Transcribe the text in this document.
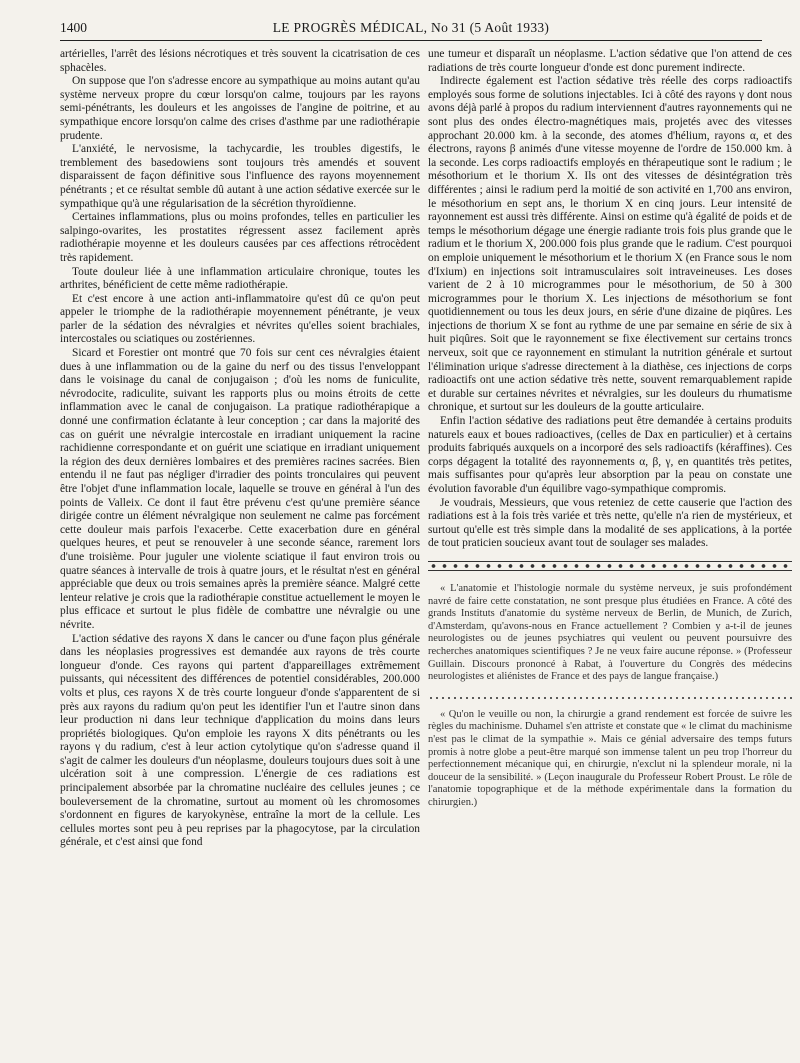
1400	LE PROGRÈS MÉDICAL, No 31 (5 Août 1933)

artérielles, l'arrêt des lésions nécrotiques et très souvent la cicatrisation de ces sphacèles.

On suppose que l'on s'adresse encore au sympathique au moins autant qu'au système nerveux propre du cœur lorsqu'on calme, toujours par les rayons semi-pénétrants, les douleurs et les angoisses de l'angine de poitrine, et au sympathique encore lorsqu'on calme des crises d'asthme par une radiothérapie prudente.

L'anxiété, le nervosisme, la tachycardie, les troubles digestifs, le tremblement des basedowiens sont toujours très amendés et souvent disparaissent de façon définitive sous l'influence des rayons moyennement pénétrants ; et ce résultat semble dû autant à une action sédative exercée sur le sympathique qu'à une régularisation de la sécrétion thyroïdienne.

Certaines inflammations, plus ou moins profondes, telles en particulier les salpingo-ovarites, les prostatites régressent assez facilement après radiothérapie moyenne et les douleurs causées par ces affections rétrocèdent très rapidement.

Toute douleur liée à une inflammation articulaire chronique, toutes les arthrites, bénéficient de cette même radiothérapie.

Et c'est encore à une action anti-inflammatoire qu'est dû ce qu'on peut appeler le triomphe de la radiothérapie moyennement pénétrante, je veux parler de la sédation des névralgies et névrites qu'elles soient brachiales, intercostales ou sciatiques ou zostériennes.

Sicard et Forestier ont montré que 70 fois sur cent ces névralgies étaient dues à une inflammation ou de la gaine du nerf ou des tissus l'enveloppant dans le voisinage du canal de conjugaison ; d'où les noms de funiculite, névrodocite, radiculite, suivant les rapports plus ou moins étroits de cette inflammation avec le canal de conjugaison. La pratique radiothérapique a donné une confirmation éclatante à leur conception ; car dans la majorité des cas on guérit une névralgie intercostale en irradiant uniquement la racine rachidienne correspondante et on guérit une sciatique en irradiant uniquement la région des deux dernières lombaires et des premières racines sacrées. Bien entendu il ne faut pas négliger d'irradier des points tronculaires qui peuvent être l'objet d'une inflammation locale, laquelle se trouve en général à l'un des points de Valleix. Ce dont il faut être prévenu c'est qu'une première séance dirigée contre un élément névralgique non seulement ne calme pas forcément cette douleur mais parfois l'exacerbe. Cette exacerbation dure en général quelques heures, et peut se renouveler à une seconde séance, rarement lors d'une troisième. Pour juguler une violente sciatique il faut environ trois ou quatre séances à intervalle de trois à quatre jours, et le résultat n'est en général appréciable que deux ou trois semaines après la première séance. Malgré cette lenteur relative je crois que la radiothérapie constitue actuellement le moyen le plus efficace et surtout le plus fidèle de combattre une névralgie ou une névrite.

L'action sédative des rayons X dans le cancer ou d'une façon plus générale dans les néoplasies progressives est demandée aux rayons de très courte longueur d'onde. Ces rayons qui partent d'appareillages extrêmement puissants, qui nécessitent des différences de potentiel considérables, 200.000 volts et plus, ces rayons X de très courte longueur d'onde s'apparentent de si près aux rayons du radium qu'on peut les identifier l'un et l'autre sinon dans leur production ni dans leur technique d'application du moins dans leurs propriétés biologiques. Qu'on emploie les rayons X dits pénétrants ou les rayons γ du radium, c'est à leur action cytolytique qu'on s'adresse quand il s'agit de calmer les douleurs d'un néoplasme, douleurs toujours dues soit à une ulcération soit à une compression. L'énergie de ces radiations est principalement absorbée par la chromatine nucléaire des cellules jeunes ; ce bouleversement de la chromatine, surtout au moment où les chromosomes s'ordonnent en figures de karyokynèse, entraîne la mort de la cellule. Les cellules mortes sont peu à peu reprises par la phagocytose, par la circulation générale, et c'est ainsi que fond

une tumeur et disparaît un néoplasme. L'action sédative que l'on attend de ces radiations de très courte longueur d'onde est donc purement indirecte.

Indirecte également est l'action sédative très réelle des corps radioactifs employés sous forme de solutions injectables. Ici à côté des rayons γ dont nous avons déjà parlé à propos du radium interviennent d'autres rayonnements qui ne sont plus des ondes électro-magnétiques mais, projetés avec des vitesses approchant 20.000 km. à la seconde, des atomes d'hélium, rayons α, et des électrons, rayons β animés d'une vitesse moyenne de l'ordre de 150.000 km. à la seconde. Les corps radioactifs employés en thérapeutique sont le radium ; le mésothorium et le thorium X. Ils ont des vitesses de désintégration très différentes ; ainsi le radium perd la moitié de son activité en 1,700 ans environ, le mésothorium en sept ans, le thorium X en cinq jours. Leur intensité de rayonnement est aussi très différente. Ainsi on estime qu'à égalité de poids et de temps le mésothorium dégage une énergie radiante trois fois plus grande que le radium et le thorium X, 200.000 fois plus grande que le radium. C'est pourquoi on emploie uniquement le mésothorium et le thorium X (en France sous le nom d'Ixium) en injections soit intramusculaires soit intraveineuses. Les doses varient de 2 à 10 microgrammes pour le mésothorium, de 50 à 300 microgrammes pour le thorium X. Les injections de mésothorium se font quotidiennement ou tous les deux jours, en série d'une dizaine de piqûres. Les injections de thorium X se font au rythme de une par semaine en série de six à huit piqûres. Soit que le rayonnement se fixe électivement sur certains troncs nerveux, soit que ce rayonnement en stimulant la nutrition générale et surtout l'élimination urique s'adresse directement à la diathèse, ces injections de corps radioactifs ont une action sédative très nette, souvent remarquablement rapide et durable sur certaines névrites et névralgies, sur les douleurs du rhumatisme chronique, et surtout sur les douleurs de la goutte articulaire.

Enfin l'action sédative des radiations peut être demandée à certains produits naturels eaux et boues radioactives, (celles de Dax en particulier) et à certains produits fabriqués auxquels on a incorporé des sels radioactifs (kéraffines). Ces corps dégagent la totalité des rayonnements α, β, γ, en quantités très petites, mais suffisantes pour qu'après leur absorption par la peau on constate une évolution favorable d'un équilibre vago-sympathique compromis.

Je voudrais, Messieurs, que vous reteniez de cette causerie que l'action des radiations est à la fois très variée et très nette, qu'elle n'a rien de mystérieux, et surtout qu'elle est très simple dans la modalité de ses applications, à la portée de tout praticien soucieux avant tout de soulager ses malades.

« L'anatomie et l'histologie normale du système nerveux, je suis profondément navré de faire cette constatation, ne sont presque plus étudiées en France. A côté des grands Instituts d'anatomie du système nerveux de Berlin, de Munich, de Zurich, d'Amsterdam, qu'avons-nous en France actuellement ? Combien y a-t-il de jeunes neurologistes ou de jeunes psychiatres qui veulent ou peuvent poursuivre des recherches anatomiques scientifiques ? Je ne veux faire aucune réponse. » (Professeur Guillain. Discours prononcé à Rabat, à l'ouverture du Congrès des médecins neurologistes et aliénistes de France et des pays de langue française.)

« Qu'on le veuille ou non, la chirurgie a grand rendement est forcée de suivre les règles du machinisme. Duhamel s'en attriste et constate que « le climat du machinisme n'est pas le climat de la sympathie ». Mais ce génial adversaire des temps futurs promis à notre globe a peut-être marqué son immense talent un peu trop l'horreur du perfectionnement mécanique qui, en chirurgie, n'exclut ni la splendeur morale, ni la douceur de la sensibilité. » (Leçon inaugurale du Professeur Robert Proust. Le rôle de l'anatomie topographique et de la méthode expérimentale dans la formation du chirurgien.)
